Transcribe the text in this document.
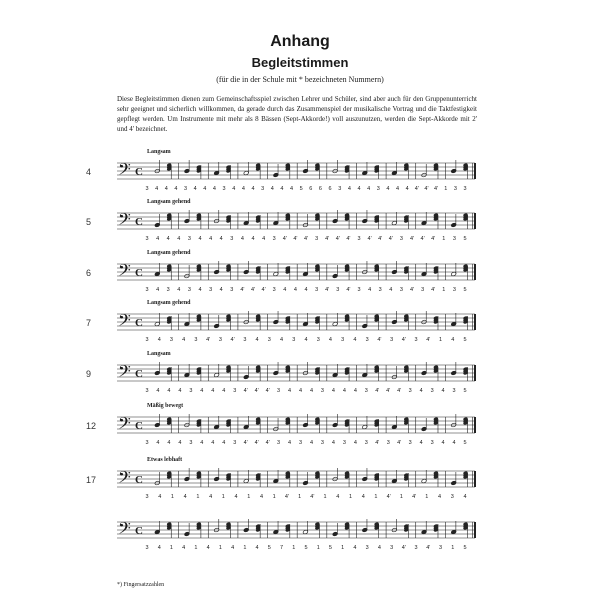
Anhang
Begleitstimmen
(für die in der Schule mit * bezeichneten Nummern)
Diese Begleitstimmen dienen zum Gemeinschaftsspiel zwischen Lehrer und Schüler, sind aber auch für den Gruppenunterricht sehr geeignet und sicherlich willkommen, da gerade durch das Zusammenspiel der musikalische Vortrag und die Taktfestigkeit gepflegt werden. Um Instrumente mit mehr als 8 Bässen (Sept-Akkorde!) voll auszunutzen, werden die Sept-Akkorde mit 2' und 4' bezeichnet.
Langsam
4 𝄢 C
3 4 4 4 3 4 4 4 3 4 4 4 3 4 4 4 5 6 6 6 3 4 4 4 3 4 4 4 4' 4' 4' 1 3 3
Langsam gehend
5 𝄢 C
3 4 4 4 3 4 4 4 3 4 4 4 3 4' 4' 4' 3 4' 4' 4' 3 4' 4' 4' 3 4' 4' 4' 1 3 5
Langsam gehend
6 𝄢 C
3 4 3 4 3 4 3 4 3 4' 4' 4' 3 4 4 4 3 4' 3 4' 3 4 3 4 3 4' 3 4' 1 3 5
Langsam gehend
7 𝄢 C
3 4 3 4 3 4' 3 4' 3 4 3 4 3 4 3 4 3 4 3 4' 3 4' 3 4' 1 4 5
Langsam
9 𝄢 C
3 4 4 4 3 4 4 4 3 4' 4' 4' 3 4 4 4 3 4 4 4 3 4' 4' 4' 3 4 3 4 3 5
Mäßig bewegt
12 𝄢 C
3 4 4 4 3 4 4 4 3 4' 4' 4' 3 4 3 4 3 4 3 4 3 4' 3 4' 3 4 3 4 4 5
Etwas lebhaft
17 𝄢 C
3 4 1 4 1 4 1 4 1 4 1 4' 1 4' 1 4 1 4 1 4' 1 4' 1 4 3 4
𝄢 C
3 4 1 4 1 4 1 4 1 4 5 7 1 5 1 5 1 4 3 4 3 4' 3 4' 3 1 5
*) Fingersatzzahlen
